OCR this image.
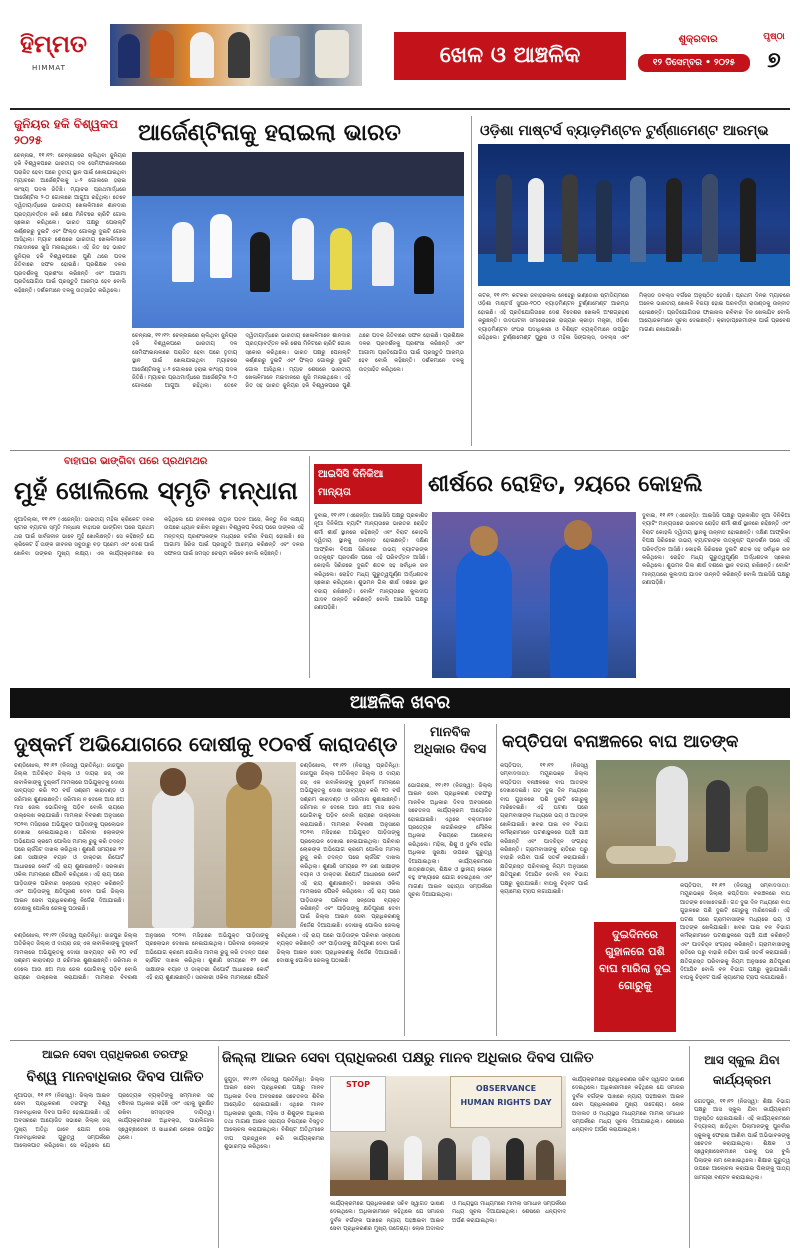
ହିମ୍ମତ
HIMMAT	ଖେଳ ଓ ଆଞ୍ଚଳିକ
ଶୁକ୍ରବାର
୧୨ ଡିସେମ୍ବର • ୨୦୨୫
ପୃଷ୍ଠା
୭
ଜୁନିୟର ହକି ବିଶ୍ୱକପ ୨୦୨୫	ଆର୍ଜେଣ୍ଟିନାକୁ ହରାଇଲା ଭାରତ
ଚେନ୍ନାଇ, ୧୧।୧୨: ଚେନ୍ନାଇରେ ଚାଲିଥିବା ଜୁନିୟର ହକି ବିଶ୍ୱକପରେ ଭାରତୀୟ ଦଳ ସେମିଫାଇନାଲରେ ପରାଜିତ ହେବା ପରେ ତୃତୀୟ ସ୍ଥାନ ପାଇଁ ଖେଳାଯାଇଥିବା ମ୍ୟାଚରେ ଆର୍ଜେଣ୍ଟିନାକୁ ୪-୨ ଗୋଲରେ ହରାଇ କାଂସ୍ୟ ପଦକ ଜିତିଛି। ମ୍ୟାଚର ପ୍ରଥମାର୍ଦ୍ଧରେ ଆର୍ଜେଣ୍ଟିନା ୨-୦ ଗୋଲରେ ଆଗୁଆ ରହିଥିଲା। ତେବେ ଦ୍ୱିତୀୟାର୍ଦ୍ଧରେ ଭାରତୀୟ ଖେଳାଳିମାନେ ଶାନଦାର ପ୍ରତ୍ୟାବର୍ତ୍ତନ କରି ଶେଷ ମିନିଟରେ ଚାରିଟି ଗୋଲ ସ୍କୋର କରିଥିଲେ। ଭାରତ ପକ୍ଷରୁ ପେନାଲ୍ଟି କର୍ଣ୍ଣରରୁ ଦୁଇଟି ଏବଂ ଫିଲ୍ଡ ଗୋଲରୁ ଦୁଇଟି ଗୋଲ ଆସିଥିଲା। ମ୍ୟାଚ ଶେଷରେ ଭାରତୀୟ ଖେଳାଳିମାନେ ମଇଦାନରେ ଖୁସି ମନାଇଥିଲେ। ଏହି ଜିତ ସହ ଭାରତ ଜୁନିୟର ହକି ବିଶ୍ୱକପରେ ପୁଣି ଥରେ ପଦକ ଜିତିବାରେ ସଫଳ ହୋଇଛି। ପ୍ରଶିକ୍ଷକ ଦଳର ପ୍ରଦର୍ଶନକୁ ପ୍ରଶଂସା କରିଛନ୍ତି ଏବଂ ଆଗାମୀ ପ୍ରତିଯୋଗିତା ପାଇଁ ପ୍ରସ୍ତୁତି ଆରମ୍ଭ ହେବ ବୋଲି କହିଛନ୍ତି। ଦର୍ଶକମାନେ ଦଳକୁ ଉତ୍ସାହିତ କରିଥିଲେ।
ଚେନ୍ନାଇ, ୧୧।୧୨: ଚେନ୍ନାଇରେ ଚାଲିଥିବା ଜୁନିୟର ହକି ବିଶ୍ୱକପରେ ଭାରତୀୟ ଦଳ ସେମିଫାଇନାଲରେ ପରାଜିତ ହେବା ପରେ ତୃତୀୟ ସ୍ଥାନ ପାଇଁ ଖେଳାଯାଇଥିବା ମ୍ୟାଚରେ ଆର୍ଜେଣ୍ଟିନାକୁ ୪-୨ ଗୋଲରେ ହରାଇ କାଂସ୍ୟ ପଦକ ଜିତିଛି। ମ୍ୟାଚର ପ୍ରଥମାର୍ଦ୍ଧରେ ଆର୍ଜେଣ୍ଟିନା ୨-୦ ଗୋଲରେ ଆଗୁଆ ରହିଥିଲା। ତେବେ ଦ୍ୱିତୀୟାର୍ଦ୍ଧରେ ଭାରତୀୟ ଖେଳାଳିମାନେ ଶାନଦାର ପ୍ରତ୍ୟାବର୍ତ୍ତନ କରି ଶେଷ ମିନିଟରେ ଚାରିଟି ଗୋଲ ସ୍କୋର କରିଥିଲେ। ଭାରତ ପକ୍ଷରୁ ପେନାଲ୍ଟି କର୍ଣ୍ଣରରୁ ଦୁଇଟି ଏବଂ ଫିଲ୍ଡ ଗୋଲରୁ ଦୁଇଟି ଗୋଲ ଆସିଥିଲା। ମ୍ୟାଚ ଶେଷରେ ଭାରତୀୟ ଖେଳାଳିମାନେ ମଇଦାନରେ ଖୁସି ମନାଇଥିଲେ। ଏହି ଜିତ ସହ ଭାରତ ଜୁନିୟର ହକି ବିଶ୍ୱକପରେ ପୁଣି ଥରେ ପଦକ ଜିତିବାରେ ସଫଳ ହୋଇଛି। ପ୍ରଶିକ୍ଷକ ଦଳର ପ୍ରଦର୍ଶନକୁ ପ୍ରଶଂସା କରିଛନ୍ତି ଏବଂ ଆଗାମୀ ପ୍ରତିଯୋଗିତା ପାଇଁ ପ୍ରସ୍ତୁତି ଆରମ୍ଭ ହେବ ବୋଲି କହିଛନ୍ତି। ଦର୍ଶକମାନେ ଦଳକୁ ଉତ୍ସାହିତ କରିଥିଲେ।
ଓଡ଼ିଶା ମାଷ୍ଟର୍ସ ବ୍ୟାଡ଼ମିଣ୍ଟନ ଟୁର୍ଣ୍ଣାମେଣ୍ଟ ଆରମ୍ଭ
କଟକ, ୧୧।୧୨: କଟକର ଜବାହରଲାଲ ନେହେରୁ ଇଣ୍ଡୋର ଷ୍ଟାଡିୟମରେ ଓଡ଼ିଶା ମାଷ୍ଟର୍ସ ସୁପର-୧୦୦ ବ୍ୟାଡ଼ମିଣ୍ଟନ ଟୁର୍ଣ୍ଣାମେଣ୍ଟ ଆରମ୍ଭ ହୋଇଛି। ଏହି ପ୍ରତିଯୋଗିତାରେ ଦେଶ ବିଦେଶର ଖେଳାଳି ଅଂଶଗ୍ରହଣ କରୁଛନ୍ତି। ଉଦଘାଟନୀ ସମାରୋହରେ ରାଜ୍ୟର କ୍ରୀଡ଼ା ମନ୍ତ୍ରୀ, ଓଡ଼ିଶା ବ୍ୟାଡ଼ମିଣ୍ଟନ ସଂଘର ପଦାଧିକାରୀ ଓ ବିଶିଷ୍ଟ ବ୍ୟକ୍ତିମାନେ ଉପସ୍ଥିତ ରହିଥିଲେ। ଟୁର୍ଣ୍ଣାମେଣ୍ଟ ପୁରୁଷ ଓ ମହିଳା ସିଙ୍ଗଲ୍ସ, ଡବଲ୍ସ ଏବଂ ମିକ୍ସଡ ଡବଲ୍ସ ବର୍ଗରେ ଅନୁଷ୍ଠିତ ହେଉଛି। ପ୍ରଥମ ଦିନର ମ୍ୟାଚରେ ଅନେକ ଭାରତୀୟ ଖେଳାଳି ବିଜୟୀ ହୋଇ ପରବର୍ତ୍ତୀ ରାଉଣ୍ଡକୁ ଉନ୍ନୀତ ହୋଇଛନ୍ତି। ପ୍ରତିଯୋଗିତାର ଫାଇନାଲ ରବିବାର ଦିନ ଖେଳାଯିବ ବୋଲି ଆୟୋଜକମାନେ ସୂଚନା ଦେଇଛନ୍ତି। କ୍ରୀଡ଼ାପ୍ରେମୀଙ୍କ ପାଇଁ ପ୍ରବେଶ ମାଗଣା ରଖାଯାଇଛି।
ବାହାଘର ଭାଙ୍ଗିବା ପରେ ପ୍ରଥମଥର
ମୁହଁ ଖୋଲିଲେ ସ୍ମୃତି ମନ୍ଧାନା
ନୂଆଦିଲ୍ଲୀ, ୧୧।୧୨ (ଏଜେନ୍ସି): ଭାରତୀୟ ମହିଳା କ୍ରିକେଟ ଦଳର ଷ୍ଟାର ବ୍ୟାଟର ସ୍ମୃତି ମନ୍ଧାନା ବାହାଘର ଭାଙ୍ଗିବା ପରେ ପ୍ରଥମ ଥର ପାଇଁ ସାର୍ବଜନୀନ ଭାବେ ମୁହଁ ଖୋଲିଛନ୍ତି। ସେ କହିଛନ୍ତି ଯେ କ୍ରିକେଟ ହିଁ ତାଙ୍କ ଜୀବନର ସବୁଠାରୁ ବଡ଼ ପ୍ରେମ ଏବଂ ଦେଶ ପାଇଁ ଖେଳିବା ତାଙ୍କର ମୁଖ୍ୟ ଲକ୍ଷ୍ୟ। ଏକ କାର୍ଯ୍ୟକ୍ରମରେ ସେ କହିଥିଲେ ଯେ ଜୀବନରେ ଉତ୍ଥାନ ପତନ ଆସେ, କିନ୍ତୁ ନିଜ ଲକ୍ଷ୍ୟ ଉପରେ ଧ୍ୟାନ ରଖିବା ଜରୁରୀ। ବିଶ୍ୱକପ ବିଜୟ ପରେ ତାଙ୍କର ଏହି ମନ୍ତବ୍ୟ ପ୍ରଶଂସକଙ୍କ ମଧ୍ୟରେ ଚର୍ଚ୍ଚାର ବିଷୟ ହୋଇଛି। ସେ ଆଗାମୀ ସିରିଜ ପାଇଁ ପ୍ରସ୍ତୁତି ଆରମ୍ଭ କରିଛନ୍ତି ଏବଂ ଦଳର ସଫଳତା ପାଇଁ ସମସ୍ତ ଚେଷ୍ଟା କରିବେ ବୋଲି କହିଛନ୍ତି।
ଆଇସିସି ଦିନିକିଆ ମାନ୍ୟତା	ଶୀର୍ଷରେ ରୋହିତ, ୨ୟରେ କୋହଲି
ଦୁବାଇ, ୧୧।୧୨ (ଏଜେନ୍ସି): ଆଇସିସି ପକ୍ଷରୁ ପ୍ରକାଶିତ ନୂଆ ଦିନିକିଆ ବ୍ୟାଟିଂ ମାନ୍ୟତାରେ ଭାରତର ରୋହିତ ଶର୍ମା ଶୀର୍ଷ ସ୍ଥାନରେ ରହିଛନ୍ତି ଏବଂ ବିରାଟ କୋହଲି ଦ୍ୱିତୀୟ ସ୍ଥାନକୁ ଉନ୍ନୀତ ହୋଇଛନ୍ତି। ଦକ୍ଷିଣ ଆଫ୍ରିକା ବିପକ୍ଷ ସିରିଜରେ ଉଭୟ ବ୍ୟାଟରଙ୍କ ଉତ୍କୃଷ୍ଟ ପ୍ରଦର୍ଶନ ପରେ ଏହି ପରିବର୍ତ୍ତନ ଆସିଛି। କୋହଲି ସିରିଜରେ ଦୁଇଟି ଶତକ ସହ ସର୍ବାଧିକ ରନ କରିଥିଲେ। ରୋହିତ ମଧ୍ୟ ଗୁରୁତ୍ୱପୂର୍ଣ୍ଣ ଅର୍ଦ୍ଧଶତକ ସ୍କୋର କରିଥିଲେ। ଶୁଭମନ ଗିଲ ଶୀର୍ଷ ଦଶରେ ସ୍ଥାନ ବଜାୟ ରଖିଛନ୍ତି। ବୋଲିଂ ମାନ୍ୟତାରେ କୁଲଦୀପ ଯାଦବ ଉନ୍ନତି କରିଛନ୍ତି ବୋଲି ଆଇସିସି ପକ୍ଷରୁ ଜଣାପଡ଼ିଛି।
ଦୁବାଇ, ୧୧।୧୨ (ଏଜେନ୍ସି): ଆଇସିସି ପକ୍ଷରୁ ପ୍ରକାଶିତ ନୂଆ ଦିନିକିଆ ବ୍ୟାଟିଂ ମାନ୍ୟତାରେ ଭାରତର ରୋହିତ ଶର୍ମା ଶୀର୍ଷ ସ୍ଥାନରେ ରହିଛନ୍ତି ଏବଂ ବିରାଟ କୋହଲି ଦ୍ୱିତୀୟ ସ୍ଥାନକୁ ଉନ୍ନୀତ ହୋଇଛନ୍ତି। ଦକ୍ଷିଣ ଆଫ୍ରିକା ବିପକ୍ଷ ସିରିଜରେ ଉଭୟ ବ୍ୟାଟରଙ୍କ ଉତ୍କୃଷ୍ଟ ପ୍ରଦର୍ଶନ ପରେ ଏହି ପରିବର୍ତ୍ତନ ଆସିଛି। କୋହଲି ସିରିଜରେ ଦୁଇଟି ଶତକ ସହ ସର୍ବାଧିକ ରନ କରିଥିଲେ। ରୋହିତ ମଧ୍ୟ ଗୁରୁତ୍ୱପୂର୍ଣ୍ଣ ଅର୍ଦ୍ଧଶତକ ସ୍କୋର କରିଥିଲେ। ଶୁଭମନ ଗିଲ ଶୀର୍ଷ ଦଶରେ ସ୍ଥାନ ବଜାୟ ରଖିଛନ୍ତି। ବୋଲିଂ ମାନ୍ୟତାରେ କୁଲଦୀପ ଯାଦବ ଉନ୍ନତି କରିଛନ୍ତି ବୋଲି ଆଇସିସି ପକ୍ଷରୁ ଜଣାପଡ଼ିଛି।
ଆଞ୍ଚଳିକ ଖବର
ଦୁଷ୍କର୍ମ ଅଭିଯୋଗରେ ଦୋଷୀକୁ ୧୦ବର୍ଷ କାରାଦଣ୍ଡ
ଚଣ୍ଡିଖୋଲ, ୧୧।୧୨ (ନିଜସ୍ୱ ପ୍ରତିନିଧି): ଜାଜପୁର ଜିଲ୍ଲା ଅତିରିକ୍ତ ଜିଲ୍ଲା ଓ ଦାୟରା ଜଜ୍ ଏକ ନାବାଳିକାଙ୍କୁ ଦୁଷ୍କର୍ମ ମାମଲାରେ ଅଭିଯୁକ୍ତକୁ ଦୋଷୀ ସାବ୍ୟସ୍ତ କରି ୧୦ ବର୍ଷ ସଶ୍ରମ କାରାଦଣ୍ଡ ଓ ଜରିମାନା ଶୁଣାଇଛନ୍ତି। ଜରିମାନା ନ ଦେଲେ ଆଉ ଛଅ ମାସ ଜେଲ ଭୋଗିବାକୁ ପଡ଼ିବ ବୋଲି ରାୟରେ ଉଲ୍ଲେଖ କରାଯାଇଛି। ମାମଲାର ବିବରଣୀ ଅନୁସାରେ ୨୦୨୩ ମସିହାରେ ଅଭିଯୁକ୍ତ ପୀଡ଼ିତାଙ୍କୁ ପ୍ରଲୋଭନ ଦେଖାଇ ନେଇଯାଇଥିଲା। ପରିବାର ଲୋକଙ୍କ ଅଭିଯୋଗ କ୍ରମେ ପୋଲିସ ମାମଲା ରୁଜୁ କରି ତଦନ୍ତ ପରେ ଚାର୍ଜସିଟ ଦାଖଲ କରିଥିଲା। ଶୁଣାଣି ସମୟରେ ୧୨ ଜଣ ସାକ୍ଷୀଙ୍କ ବୟାନ ଓ ଡାକ୍ତରୀ ରିପୋର୍ଟ ଆଧାରରେ କୋର୍ଟ ଏହି ରାୟ ଶୁଣାଇଛନ୍ତି। ସରକାରୀ ଓକିଲ ମାମଲାରେ ପୈରବି କରିଥିଲେ। ଏହି ରାୟ ପରେ ପୀଡ଼ିତାଙ୍କ ପରିବାର ସନ୍ତୋଷ ବ୍ୟକ୍ତ କରିଛନ୍ତି ଏବଂ ପୀଡ଼ିତାଙ୍କୁ କ୍ଷତିପୂରଣ ଦେବା ପାଇଁ ଜିଲ୍ଲା ଆଇନ ସେବା ପ୍ରାଧିକରଣକୁ ନିର୍ଦ୍ଦେଶ ଦିଆଯାଇଛି। ଦୋଷୀକୁ ପୋଲିସ ଜେଲକୁ ପଠାଇଛି।
ଚଣ୍ଡିଖୋଲ, ୧୧।୧୨ (ନିଜସ୍ୱ ପ୍ରତିନିଧି): ଜାଜପୁର ଜିଲ୍ଲା ଅତିରିକ୍ତ ଜିଲ୍ଲା ଓ ଦାୟରା ଜଜ୍ ଏକ ନାବାଳିକାଙ୍କୁ ଦୁଷ୍କର୍ମ ମାମଲାରେ ଅଭିଯୁକ୍ତକୁ ଦୋଷୀ ସାବ୍ୟସ୍ତ କରି ୧୦ ବର୍ଷ ସଶ୍ରମ କାରାଦଣ୍ଡ ଓ ଜରିମାନା ଶୁଣାଇଛନ୍ତି। ଜରିମାନା ନ ଦେଲେ ଆଉ ଛଅ ମାସ ଜେଲ ଭୋଗିବାକୁ ପଡ଼ିବ ବୋଲି ରାୟରେ ଉଲ୍ଲେଖ କରାଯାଇଛି। ମାମଲାର ବିବରଣୀ ଅନୁସାରେ ୨୦୨୩ ମସିହାରେ ଅଭିଯୁକ୍ତ ପୀଡ଼ିତାଙ୍କୁ ପ୍ରଲୋଭନ ଦେଖାଇ ନେଇଯାଇଥିଲା। ପରିବାର ଲୋକଙ୍କ ଅଭିଯୋଗ କ୍ରମେ ପୋଲିସ ମାମଲା ରୁଜୁ କରି ତଦନ୍ତ ପରେ ଚାର୍ଜସିଟ ଦାଖଲ କରିଥିଲା। ଶୁଣାଣି ସମୟରେ ୧୨ ଜଣ ସାକ୍ଷୀଙ୍କ ବୟାନ ଓ ଡାକ୍ତରୀ ରିପୋର୍ଟ ଆଧାରରେ କୋର୍ଟ ଏହି ରାୟ ଶୁଣାଇଛନ୍ତି। ସରକାରୀ ଓକିଲ ମାମଲାରେ ପୈରବି କରିଥିଲେ। ଏହି ରାୟ ପରେ ପୀଡ଼ିତାଙ୍କ ପରିବାର ସନ୍ତୋଷ ବ୍ୟକ୍ତ କରିଛନ୍ତି ଏବଂ ପୀଡ଼ିତାଙ୍କୁ କ୍ଷତିପୂରଣ ଦେବା ପାଇଁ ଜିଲ୍ଲା ଆଇନ ସେବା ପ୍ରାଧିକରଣକୁ ନିର୍ଦ୍ଦେଶ ଦିଆଯାଇଛି। ଦୋଷୀକୁ ପୋଲିସ ଜେଲକୁ
ଚଣ୍ଡିଖୋଲ, ୧୧।୧୨ (ନିଜସ୍ୱ ପ୍ରତିନିଧି): ଜାଜପୁର ଜିଲ୍ଲା ଅତିରିକ୍ତ ଜିଲ୍ଲା ଓ ଦାୟରା ଜଜ୍ ଏକ ନାବାଳିକାଙ୍କୁ ଦୁଷ୍କର୍ମ ମାମଲାରେ ଅଭିଯୁକ୍ତକୁ ଦୋଷୀ ସାବ୍ୟସ୍ତ କରି ୧୦ ବର୍ଷ ସଶ୍ରମ କାରାଦଣ୍ଡ ଓ ଜରିମାନା ଶୁଣାଇଛନ୍ତି। ଜରିମାନା ନ ଦେଲେ ଆଉ ଛଅ ମାସ ଜେଲ ଭୋଗିବାକୁ ପଡ଼ିବ ବୋଲି ରାୟରେ ଉଲ୍ଲେଖ କରାଯାଇଛି। ମାମଲାର ବିବରଣୀ ଅନୁସାରେ ୨୦୨୩ ମସିହାରେ ଅଭିଯୁକ୍ତ ପୀଡ଼ିତାଙ୍କୁ ପ୍ରଲୋଭନ ଦେଖାଇ ନେଇଯାଇଥିଲା। ପରିବାର ଲୋକଙ୍କ ଅଭିଯୋଗ କ୍ରମେ ପୋଲିସ ମାମଲା ରୁଜୁ କରି ତଦନ୍ତ ପରେ ଚାର୍ଜସିଟ ଦାଖଲ କରିଥିଲା। ଶୁଣାଣି ସମୟରେ ୧୨ ଜଣ ସାକ୍ଷୀଙ୍କ ବୟାନ ଓ ଡାକ୍ତରୀ ରିପୋର୍ଟ ଆଧାରରେ କୋର୍ଟ ଏହି ରାୟ ଶୁଣାଇଛନ୍ତି। ସରକାରୀ ଓକିଲ ମାମଲାରେ ପୈରବି କରିଥିଲେ। ଏହି ରାୟ ପରେ ପୀଡ଼ିତାଙ୍କ ପରିବାର ସନ୍ତୋଷ ବ୍ୟକ୍ତ କରିଛନ୍ତି ଏବଂ ପୀଡ଼ିତାଙ୍କୁ କ୍ଷତିପୂରଣ ଦେବା ପାଇଁ ଜିଲ୍ଲା ଆଇନ ସେବା ପ୍ରାଧିକରଣକୁ ନିର୍ଦ୍ଦେଶ ଦିଆଯାଇଛି। ଦୋଷୀକୁ ପୋଲିସ ଜେଲକୁ ପଠାଇଛି।
ମାନବିକ ଅଧିକାର ଦିବସ
ଭୋଗରାଇ, ୧୧।୧୨ (ନିଜସ୍ୱ): ଜିଲ୍ଲା ଆଇନ ସେବା ପ୍ରାଧିକରଣ ତରଫରୁ ମାନବିକ ଅଧିକାର ଦିବସ ଅବସରରେ ସଚେତନତା କାର୍ଯ୍ୟକ୍ରମ ଆୟୋଜିତ ହୋଇଯାଇଛି। ଏଥିରେ ବକ୍ତାମାନେ ପ୍ରତ୍ୟେକ ନାଗରିକଙ୍କ ମୌଳିକ ଅଧିକାର ବିଷୟରେ ଆଲୋଚନା କରିଥିଲେ। ମହିଳା, ଶିଶୁ ଓ ଦୁର୍ବଳ ବର୍ଗର ଅଧିକାର ସୁରକ୍ଷା ଉପରେ ଗୁରୁତ୍ୱ ଦିଆଯାଇଥିଲା। କାର୍ଯ୍ୟକ୍ରମରେ ଛାତ୍ରଛାତ୍ରୀ, ଶିକ୍ଷକ ଓ ସ୍ଥାନୀୟ ଲୋକେ ବହୁ ସଂଖ୍ୟାରେ ଯୋଗ ଦେଇଥିଲେ ଏବଂ ମାଗଣା ଆଇନ ସହାୟତା ସମ୍ପର୍କରେ ସୂଚନା ଦିଆଯାଇଥିଲା।
କପ୍ତିପଦା ବନାଞ୍ଚଳରେ ବାଘ ଆତଙ୍କ
କପ୍ତିପଦା, ୧୧।୧୨ (ନିଜସ୍ୱ ସମ୍ବାଦଦାତା): ମୟୂରଭଞ୍ଜ ଜିଲ୍ଲା କପ୍ତିପଦା ବନାଞ୍ଚଳରେ ବାଘ ଆତଙ୍କ ଦେଖାଦେଇଛି। ଗତ ଦୁଇ ଦିନ ମଧ୍ୟରେ ବାଘ ଗୁହାଳରେ ପଶି ଦୁଇଟି ଗୋରୁକୁ ମାରିଦେଇଛି। ଏହି ଘଟଣା ପରେ ଗ୍ରାମବାସୀଙ୍କ ମଧ୍ୟରେ ଭୟ ଓ ଆତଙ୍କ ଖେଳିଯାଇଛି। ଖବର ପାଇ ବନ ବିଭାଗ କର୍ମଚାରୀମାନେ ଘଟଣାସ୍ଥଳରେ ପହଞ୍ଚି ଯାଞ୍ଚ କରିଛନ୍ତି ଏବଂ ପାଦଚିହ୍ନ ସଂଗ୍ରହ କରିଛନ୍ତି। ଗ୍ରାମବାସୀଙ୍କୁ ରାତିରେ ଘରୁ ବାହାରି ନଯିବା ପାଇଁ ସତର୍କ କରାଯାଇଛି। କ୍ଷତିଗ୍ରସ୍ତ ପରିବାରକୁ ନିୟମ ଅନୁସାରେ କ୍ଷତିପୂରଣ ଦିଆଯିବ ବୋଲି ବନ ବିଭାଗ ପକ୍ଷରୁ କୁହାଯାଇଛି। ବାଘକୁ ଚିହ୍ନଟ ପାଇଁ କ୍ୟାମେରା ଟ୍ରାପ ଲଗାଯାଇଛି।
କପ୍ତିପଦା, ୧୧।୧୨ (ନିଜସ୍ୱ ସମ୍ବାଦଦାତା): ମୟୂରଭଞ୍ଜ ଜିଲ୍ଲା କପ୍ତିପଦା ବନାଞ୍ଚଳରେ ବାଘ ଆତଙ୍କ ଦେଖାଦେଇଛି। ଗତ ଦୁଇ ଦିନ ମଧ୍ୟରେ ବାଘ ଗୁହାଳରେ ପଶି ଦୁଇଟି ଗୋରୁକୁ ମାରିଦେଇଛି। ଏହି ଘଟଣା ପରେ ଗ୍ରାମବାସୀଙ୍କ ମଧ୍ୟରେ ଭୟ ଓ ଆତଙ୍କ ଖେଳିଯାଇଛି। ଖବର ପାଇ ବନ ବିଭାଗ କର୍ମଚାରୀମାନେ ଘଟଣାସ୍ଥଳରେ ପହଞ୍ଚି ଯାଞ୍ଚ କରିଛନ୍ତି ଏବଂ ପାଦଚିହ୍ନ ସଂଗ୍ରହ କରିଛନ୍ତି। ଗ୍ରାମବାସୀଙ୍କୁ ରାତିରେ ଘରୁ ବାହାରି ନଯିବା ପାଇଁ ସତର୍କ କରାଯାଇଛି। କ୍ଷତିଗ୍ରସ୍ତ ପରିବାରକୁ ନିୟମ ଅନୁସାରେ କ୍ଷତିପୂରଣ ଦିଆଯିବ ବୋଲି ବନ ବିଭାଗ ପକ୍ଷରୁ କୁହାଯାଇଛି। ବାଘକୁ ଚିହ୍ନଟ ପାଇଁ କ୍ୟାମେରା ଟ୍ରାପ ଲଗାଯାଇଛି।
ଦୁଇଦିନରେ ଗୁହାଳରେ ପଶି ବାଘ ମାରିଲା ଦୁଇ ଗୋରୁକୁ
ଆଇନ ସେବା ପ୍ରାଧିକରଣ ତରଫରୁ
ବିଶ୍ୱ ମାନବାଧିକାର ଦିବସ ପାଳିତ
ନୂଆପଡ଼ା, ୧୧।୧୨ (ନିଜସ୍ୱ): ଜିଲ୍ଲା ଆଇନ ସେବା ପ୍ରାଧିକରଣ ତରଫରୁ ବିଶ୍ୱ ମାନବାଧିକାର ଦିବସ ପାଳିତ ହୋଇଯାଇଛି। ଏହି ଅବସରରେ ଆୟୋଜିତ ସଭାରେ ଜିଲ୍ଲା ଜଜ୍ ମୁଖ୍ୟ ଅତିଥି ଭାବେ ଯୋଗ ଦେଇ ମାନବାଧିକାରର ଗୁରୁତ୍ୱ ସମ୍ପର୍କରେ ଆଲୋକପାତ କରିଥିଲେ। ସେ କହିଥିଲେ ଯେ ପ୍ରତ୍ୟେକ ବ୍ୟକ୍ତିଙ୍କୁ ସମ୍ମାନର ସହ ବଞ୍ଚିବାର ଅଧିକାର ରହିଛି ଏବଂ ଏହାକୁ ସୁରକ୍ଷିତ ରଖିବା ସମସ୍ତଙ୍କ ଦାୟିତ୍ୱ। କାର୍ଯ୍ୟକ୍ରମରେ ଅଧିବକ୍ତା, ପାରାଲିଗାଲ ସ୍ୱେଚ୍ଛାସେବୀ ଓ ସାଧାରଣ ଲୋକେ ଉପସ୍ଥିତ ଥିଲେ।
ଜିଲ୍ଲା ଆଇନ ସେବା ପ୍ରାଧିକରଣ ପକ୍ଷରୁ ମାନବ ଅଧିକାର ଦିବସ ପାଳିତ
ଜୁଗୁଡ଼ା, ୧୧।୧୨ (ନିଜସ୍ୱ ପ୍ରତିନିଧି): ଜିଲ୍ଲା ଆଇନ ସେବା ପ୍ରାଧିକରଣ ପକ୍ଷରୁ ମାନବ ଅଧିକାର ଦିବସ ଅବସରରେ ସଚେତନତା ଶିବିର ଆୟୋଜିତ ହୋଇଯାଇଛି। ଏଥିରେ ମାନବ ଅଧିକାରର ସୁରକ୍ଷା, ମହିଳା ଓ ଶିଶୁଙ୍କ ଅଧିକାର ତଥା ମାଗଣା ଆଇନ ସହାୟତା ବିଷୟରେ ବିସ୍ତୃତ ଆଲୋଚନା କରାଯାଇଥିଲା। ବିଶିଷ୍ଟ ଅତିଥିମାନେ ଦୀପ ପ୍ରଜ୍ୱଳନ କରି କାର୍ଯ୍ୟକ୍ରମର ଶୁଭାରମ୍ଭ କରିଥିଲେ।
STOP	OBSERVANCE
HUMAN RIGHTS DAY
କାର୍ଯ୍ୟକ୍ରମରେ ପ୍ରାଧିକରଣର ସଚିବ ସ୍ୱାଗତ ଭାଷଣ ଦେଇଥିଲେ। ଅଧିକାରୀମାନେ କହିଥିଲେ ଯେ ସମାଜର ଦୁର୍ବଳ ବର୍ଗଙ୍କ ପାଖରେ ନ୍ୟାୟ ପହଞ୍ଚାଇବା ଆଇନ ସେବା ପ୍ରାଧିକରଣର ମୁଖ୍ୟ ଉଦ୍ଦେଶ୍ୟ। ଲୋକ ଅଦାଲତ ଓ ମଧ୍ୟସ୍ଥତା ମାଧ୍ୟମରେ ମାମଲା ସମାଧାନ ସମ୍ପର୍କରେ ମଧ୍ୟ ସୂଚନା ଦିଆଯାଇଥିଲା। ଶେଷରେ ଧନ୍ୟବାଦ ଅର୍ପଣ କରାଯାଇଥିଲା।
କାର୍ଯ୍ୟକ୍ରମରେ ପ୍ରାଧିକରଣର ସଚିବ ସ୍ୱାଗତ ଭାଷଣ ଦେଇଥିଲେ। ଅଧିକାରୀମାନେ କହିଥିଲେ ଯେ ସମାଜର ଦୁର୍ବଳ ବର୍ଗଙ୍କ ପାଖରେ ନ୍ୟାୟ ପହଞ୍ଚାଇବା ଆଇନ ସେବା ପ୍ରାଧିକରଣର ମୁଖ୍ୟ ଉଦ୍ଦେଶ୍ୟ। ଲୋକ ଅଦାଲତ ଓ ମଧ୍ୟସ୍ଥତା ମାଧ୍ୟମରେ ମାମଲା ସମାଧାନ ସମ୍ପର୍କରେ ମଧ୍ୟ ସୂଚନା ଦିଆଯାଇଥିଲା। ଶେଷରେ ଧନ୍ୟବାଦ ଅର୍ପଣ କରାଯାଇଥିଲା।
ଆସ ସ୍କୁଲ ଯିବା କାର୍ଯ୍ୟକ୍ରମ
ଜଗତପୁର, ୧୧।୧୨ (ନିଜସ୍ୱ): ଶିକ୍ଷା ବିଭାଗ ପକ୍ଷରୁ ଆସ ସ୍କୁଲ ଯିବା କାର୍ଯ୍ୟକ୍ରମ ଅନୁଷ୍ଠିତ ହୋଇଯାଇଛି। ଏହି କାର୍ଯ୍ୟକ୍ରମରେ ବିଦ୍ୟାଳୟ ଛାଡ଼ିଥିବା ପିଲାମାନଙ୍କୁ ପୁନର୍ବାର ସ୍କୁଲକୁ ଫେରାଇ ଆଣିବା ପାଇଁ ଅଭିଭାବକଙ୍କୁ ସଚେତନ କରାଯାଇଥିଲା। ଶିକ୍ଷକ ଓ ସ୍ୱେଚ୍ଛାସେବୀମାନେ ଘରକୁ ଘର ବୁଲି ପିଲାଙ୍କ ନାମ ଲେଖାଇଥିଲେ। ଶିକ୍ଷାର ଗୁରୁତ୍ୱ ଉପରେ ଆଲୋଚନା କରାଯାଇ ପିଲାଙ୍କୁ ପାଠ୍ୟ ସାମଗ୍ରୀ ବଣ୍ଟନ କରାଯାଇଥିଲା।
